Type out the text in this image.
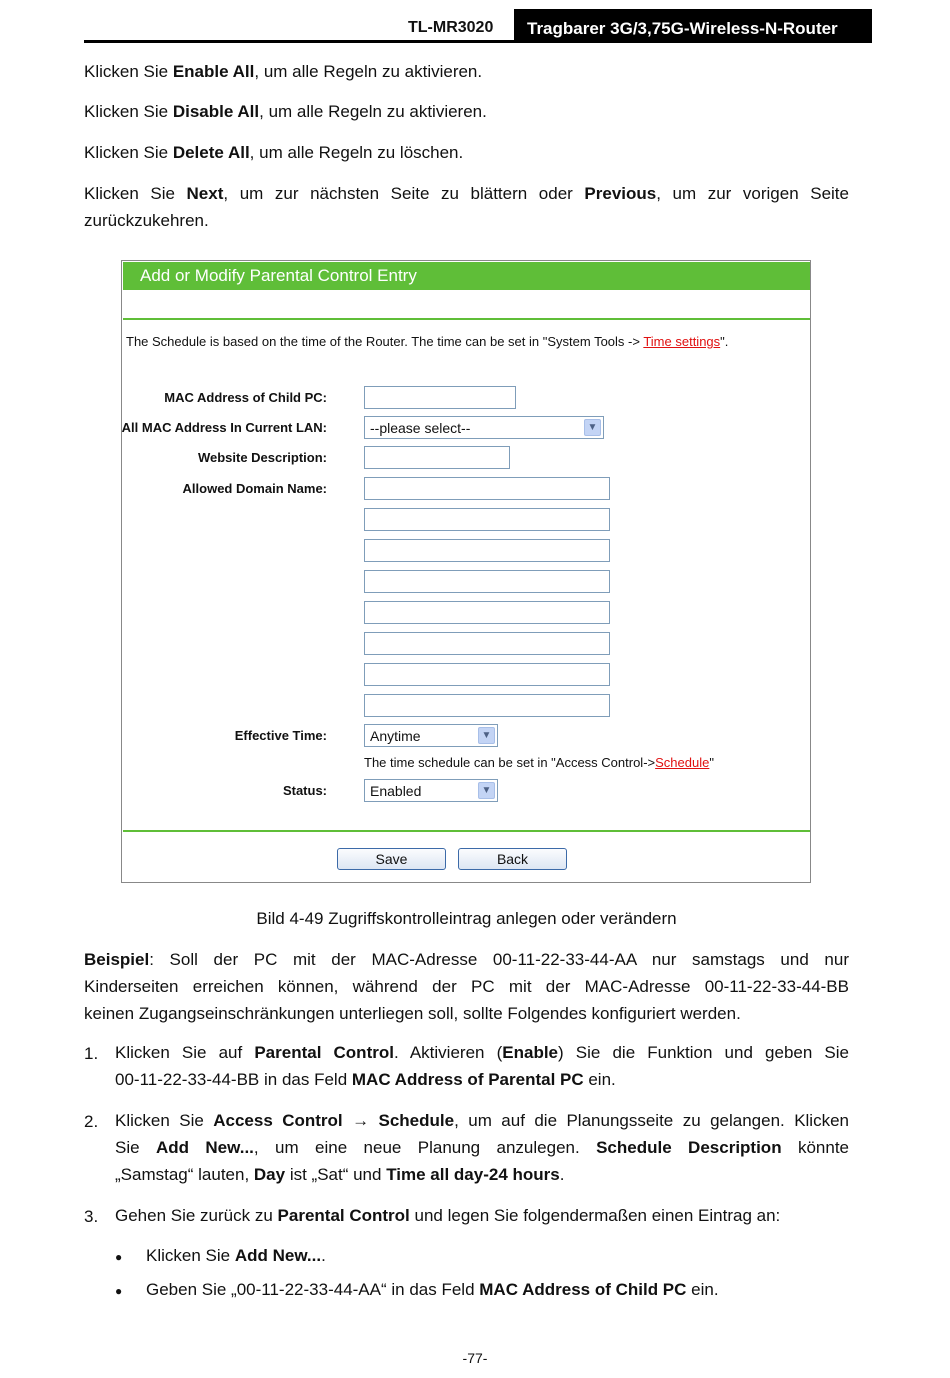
TL-MR3020	Tragbarer 3G/3,75G-Wireless-N-Router
Klicken Sie Enable All, um alle Regeln zu aktivieren.
Klicken Sie Disable All, um alle Regeln zu aktivieren.
Klicken Sie Delete All, um alle Regeln zu löschen.
Klicken Sie Next, um zur nächsten Seite zu blättern oder Previous, um zur vorigen Seite
zurückzukehren.
Add or Modify Parental Control Entry
The Schedule is based on the time of the Router. The time can be set in "System Tools -> Time settings".
MAC Address of Child PC:
All MAC Address In Current LAN:	--please select--	▼
Website Description:
Allowed Domain Name:
Effective Time:	Anytime	▼
The time schedule can be set in "Access Control->Schedule"
Status:	Enabled	▼
Save	Back
Bild 4-49 Zugriffskontrolleintrag anlegen oder verändern
Beispiel: Soll der PC mit der MAC-Adresse 00-11-22-33-44-AA nur samstags und nur
Kinderseiten erreichen können, während der PC mit der MAC-Adresse 00-11-22-33-44-BB
keinen Zugangseinschränkungen unterliegen soll, sollte Folgendes konfiguriert werden.
1. Klicken Sie auf Parental Control. Aktivieren (Enable) Sie die Funktion und geben Sie
00-11-22-33-44-BB in das Feld MAC Address of Parental PC ein.
2. Klicken Sie Access Control → Schedule, um auf die Planungsseite zu gelangen. Klicken
Sie Add New..., um eine neue Planung anzulegen. Schedule Description könnte
„Samstag“ lauten, Day ist „Sat“ und Time all day-24 hours.
3. Gehen Sie zurück zu Parental Control und legen Sie folgendermaßen einen Eintrag an:
● Klicken Sie Add New....
● Geben Sie „00-11-22-33-44-AA“ in das Feld MAC Address of Child PC ein.
-77-
